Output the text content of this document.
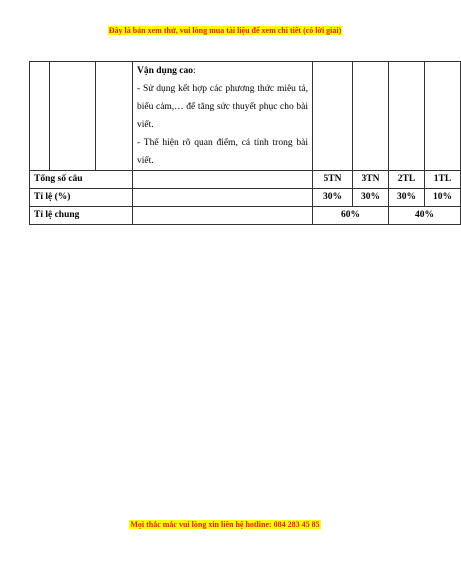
Đây là bản xem thử, vui lòng mua tài liệu để xem chi tiết (có lời giải)

			Vận dụng cao:
- Sử dụng kết hợp các phương thức miêu tả, biểu cảm,… để tăng sức thuyết phục cho bài viết.
- Thể hiện rõ quan điểm, cá tính trong bài viết.				

Tổng số câu				5TN	3TN	2TL	1TL
Tỉ lệ (%)				30%	30%	30%	10%
Tỉ lệ chung				60%		40%	
Mọi thắc mắc vui lòng xin liên hệ hotline: 084 283 45 85
